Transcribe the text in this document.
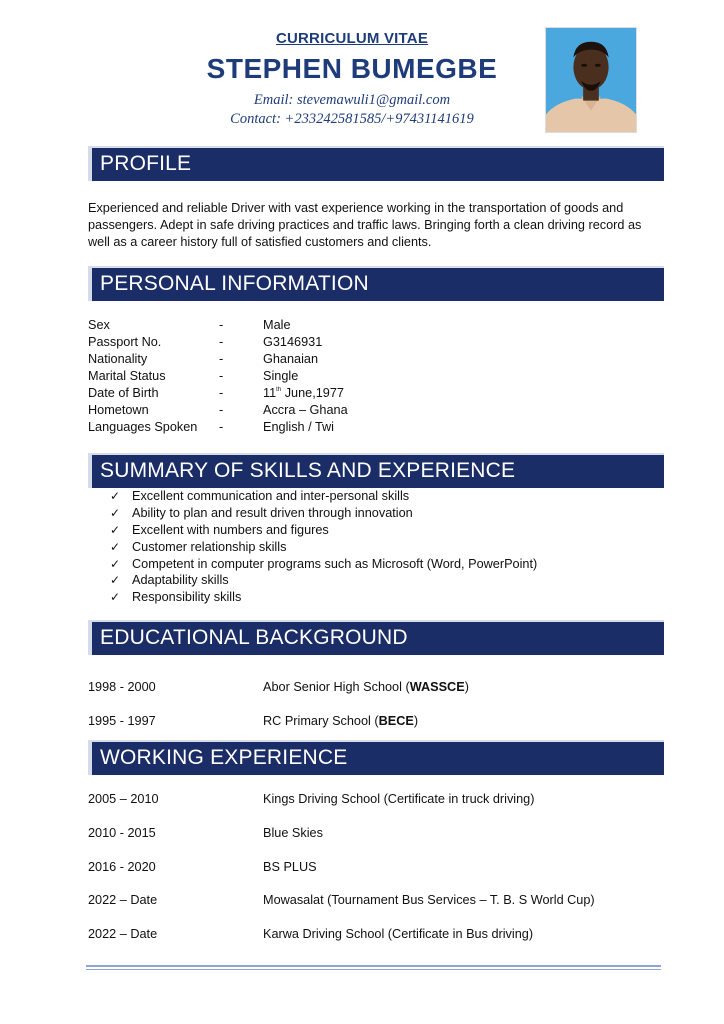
CURRICULUM VITAE
STEPHEN BUMEGBE
Email: stevemawuli1@gmail.com
Contact: +233242581585/+97431141619
PROFILE

Experienced and reliable Driver with vast experience working in the transportation of goods and passengers. Adept in safe driving practices and traffic laws. Bringing forth a clean driving record as well as a career history full of satisfied customers and clients.

PERSONAL INFORMATION
Sex	-	Male
Passport No.	-	G3146931
Nationality	-	Ghanaian
Marital Status	-	Single
Date of Birth	-	11th June,1977
Hometown	-	Accra – Ghana
Languages Spoken -	English / Twi
SUMMARY OF SKILLS AND EXPERIENCE
✓ Excellent communication and inter-personal skills
✓ Ability to plan and result driven through innovation
✓ Excellent with numbers and figures
✓ Customer relationship skills
✓ Competent in computer programs such as Microsoft (Word, PowerPoint)
✓ Adaptability skills
✓ Responsibility skills
EDUCATIONAL BACKGROUND
1998 - 2000	Abor Senior High School (WASSCE)
1995 - 1997	RC Primary School (BECE)
WORKING EXPERIENCE
2005 – 2010	Kings Driving School (Certificate in truck driving)
2010 - 2015	Blue Skies
2016 - 2020	BS PLUS
2022 – Date	Mowasalat (Tournament Bus Services – T. B. S World Cup)
2022 – Date	Karwa Driving School (Certificate in Bus driving)
